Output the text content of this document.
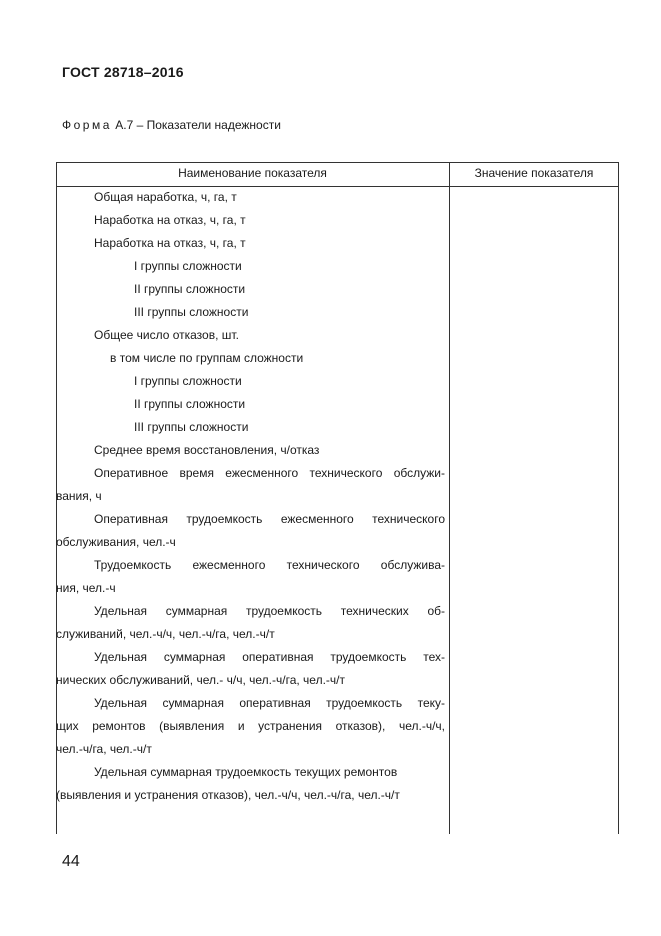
ГОСТ 28718–2016
Форма А.7 – Показатели надежности
Наименование показателя	Значение показателя
Общая наработка, ч, га, т
Наработка на отказ, ч, га, т
Наработка на отказ, ч, га, т
I группы сложности
II группы сложности
III группы сложности
Общее число отказов, шт.
в том числе по группам сложности
I группы сложности
II группы сложности
III группы сложности
Среднее время восстановления, ч/отказ
Оперативное время ежесменного технического обслужи-
вания, ч
Оперативная трудоемкость ежесменного технического
обслуживания, чел.-ч
Трудоемкость ежесменного технического обслужива-
ния, чел.-ч
Удельная суммарная трудоемкость технических об-
служиваний, чел.-ч/ч, чел.-ч/га, чел.-ч/т
Удельная суммарная оперативная трудоемкость тех-
нических обслуживаний, чел.- ч/ч, чел.-ч/га, чел.-ч/т
Удельная суммарная оперативная трудоемкость теку-
щих ремонтов (выявления и устранения отказов), чел.-ч/ч,
чел.-ч/га, чел.-ч/т
Удельная суммарная трудоемкость текущих ремонтов
(выявления и устранения отказов), чел.-ч/ч, чел.-ч/га, чел.-ч/т
44
